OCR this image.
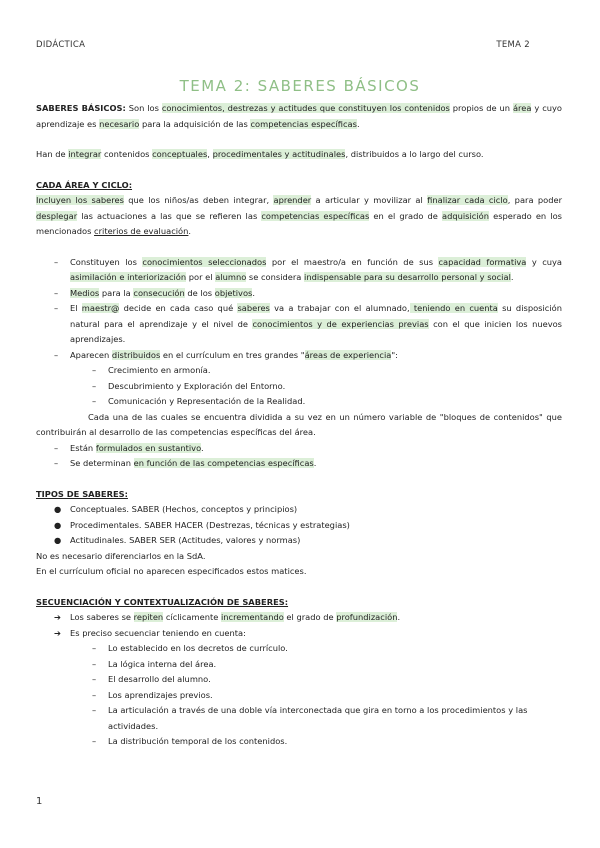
DIDÁCTICA	TEMA 2
TEMA 2: SABERES BÁSICOS

SABERES BÁSICOS: Son los conocimientos, destrezas y actitudes que constituyen los contenidos propios de un área y cuyo aprendizaje es necesario para la adquisición de las competencias específicas.

Han de integrar contenidos conceptuales, procedimentales y actitudinales, distribuidos a lo largo del curso.

CADA ÁREA Y CICLO:

Incluyen los saberes que los niños/as deben integrar, aprender a articular y movilizar al finalizar cada ciclo, para poder desplegar las actuaciones a las que se refieren las competencias específicas en el grado de adquisición esperado en los mencionados criterios de evaluación.

– Constituyen los conocimientos seleccionados por el maestro/a en función de sus capacidad formativa y cuya asimilación e interiorización por el alumno se considera indispensable para su desarrollo personal y social.
– Medios para la consecución de los objetivos.
– El maestr@ decide en cada caso qué saberes va a trabajar con el alumnado, teniendo en cuenta su disposición natural para el aprendizaje y el nivel de conocimientos y de experiencias previas con el que inicien los nuevos aprendizajes.
– Aparecen distribuidos en el currículum en tres grandes "áreas de experiencia":
– Crecimiento en armonía.
– Descubrimiento y Exploración del Entorno.
– Comunicación y Representación de la Realidad.

Cada una de las cuales se encuentra dividida a su vez en un número variable de "bloques de contenidos" que contribuirán al desarrollo de las competencias específicas del área.

– Están formulados en sustantivo.
– Se determinan en función de las competencias específicas.

TIPOS DE SABERES:

● Conceptuales. SABER (Hechos, conceptos y principios)
● Procedimentales. SABER HACER (Destrezas, técnicas y estrategias)
● Actitudinales. SABER SER (Actitudes, valores y normas)

No es necesario diferenciarlos en la SdA.

En el currículum oficial no aparecen especificados estos matices.

SECUENCIACIÓN Y CONTEXTUALIZACIÓN DE SABERES:

➔ Los saberes se repiten cíclicamente incrementando el grado de profundización.
➔ Es preciso secuenciar teniendo en cuenta:
– Lo establecido en los decretos de currículo.
– La lógica interna del área.
– El desarrollo del alumno.
– Los aprendizajes previos.
– La articulación a través de una doble vía interconectada que gira en torno a los procedimientos y las actividades.
– La distribución temporal de los contenidos.
1
